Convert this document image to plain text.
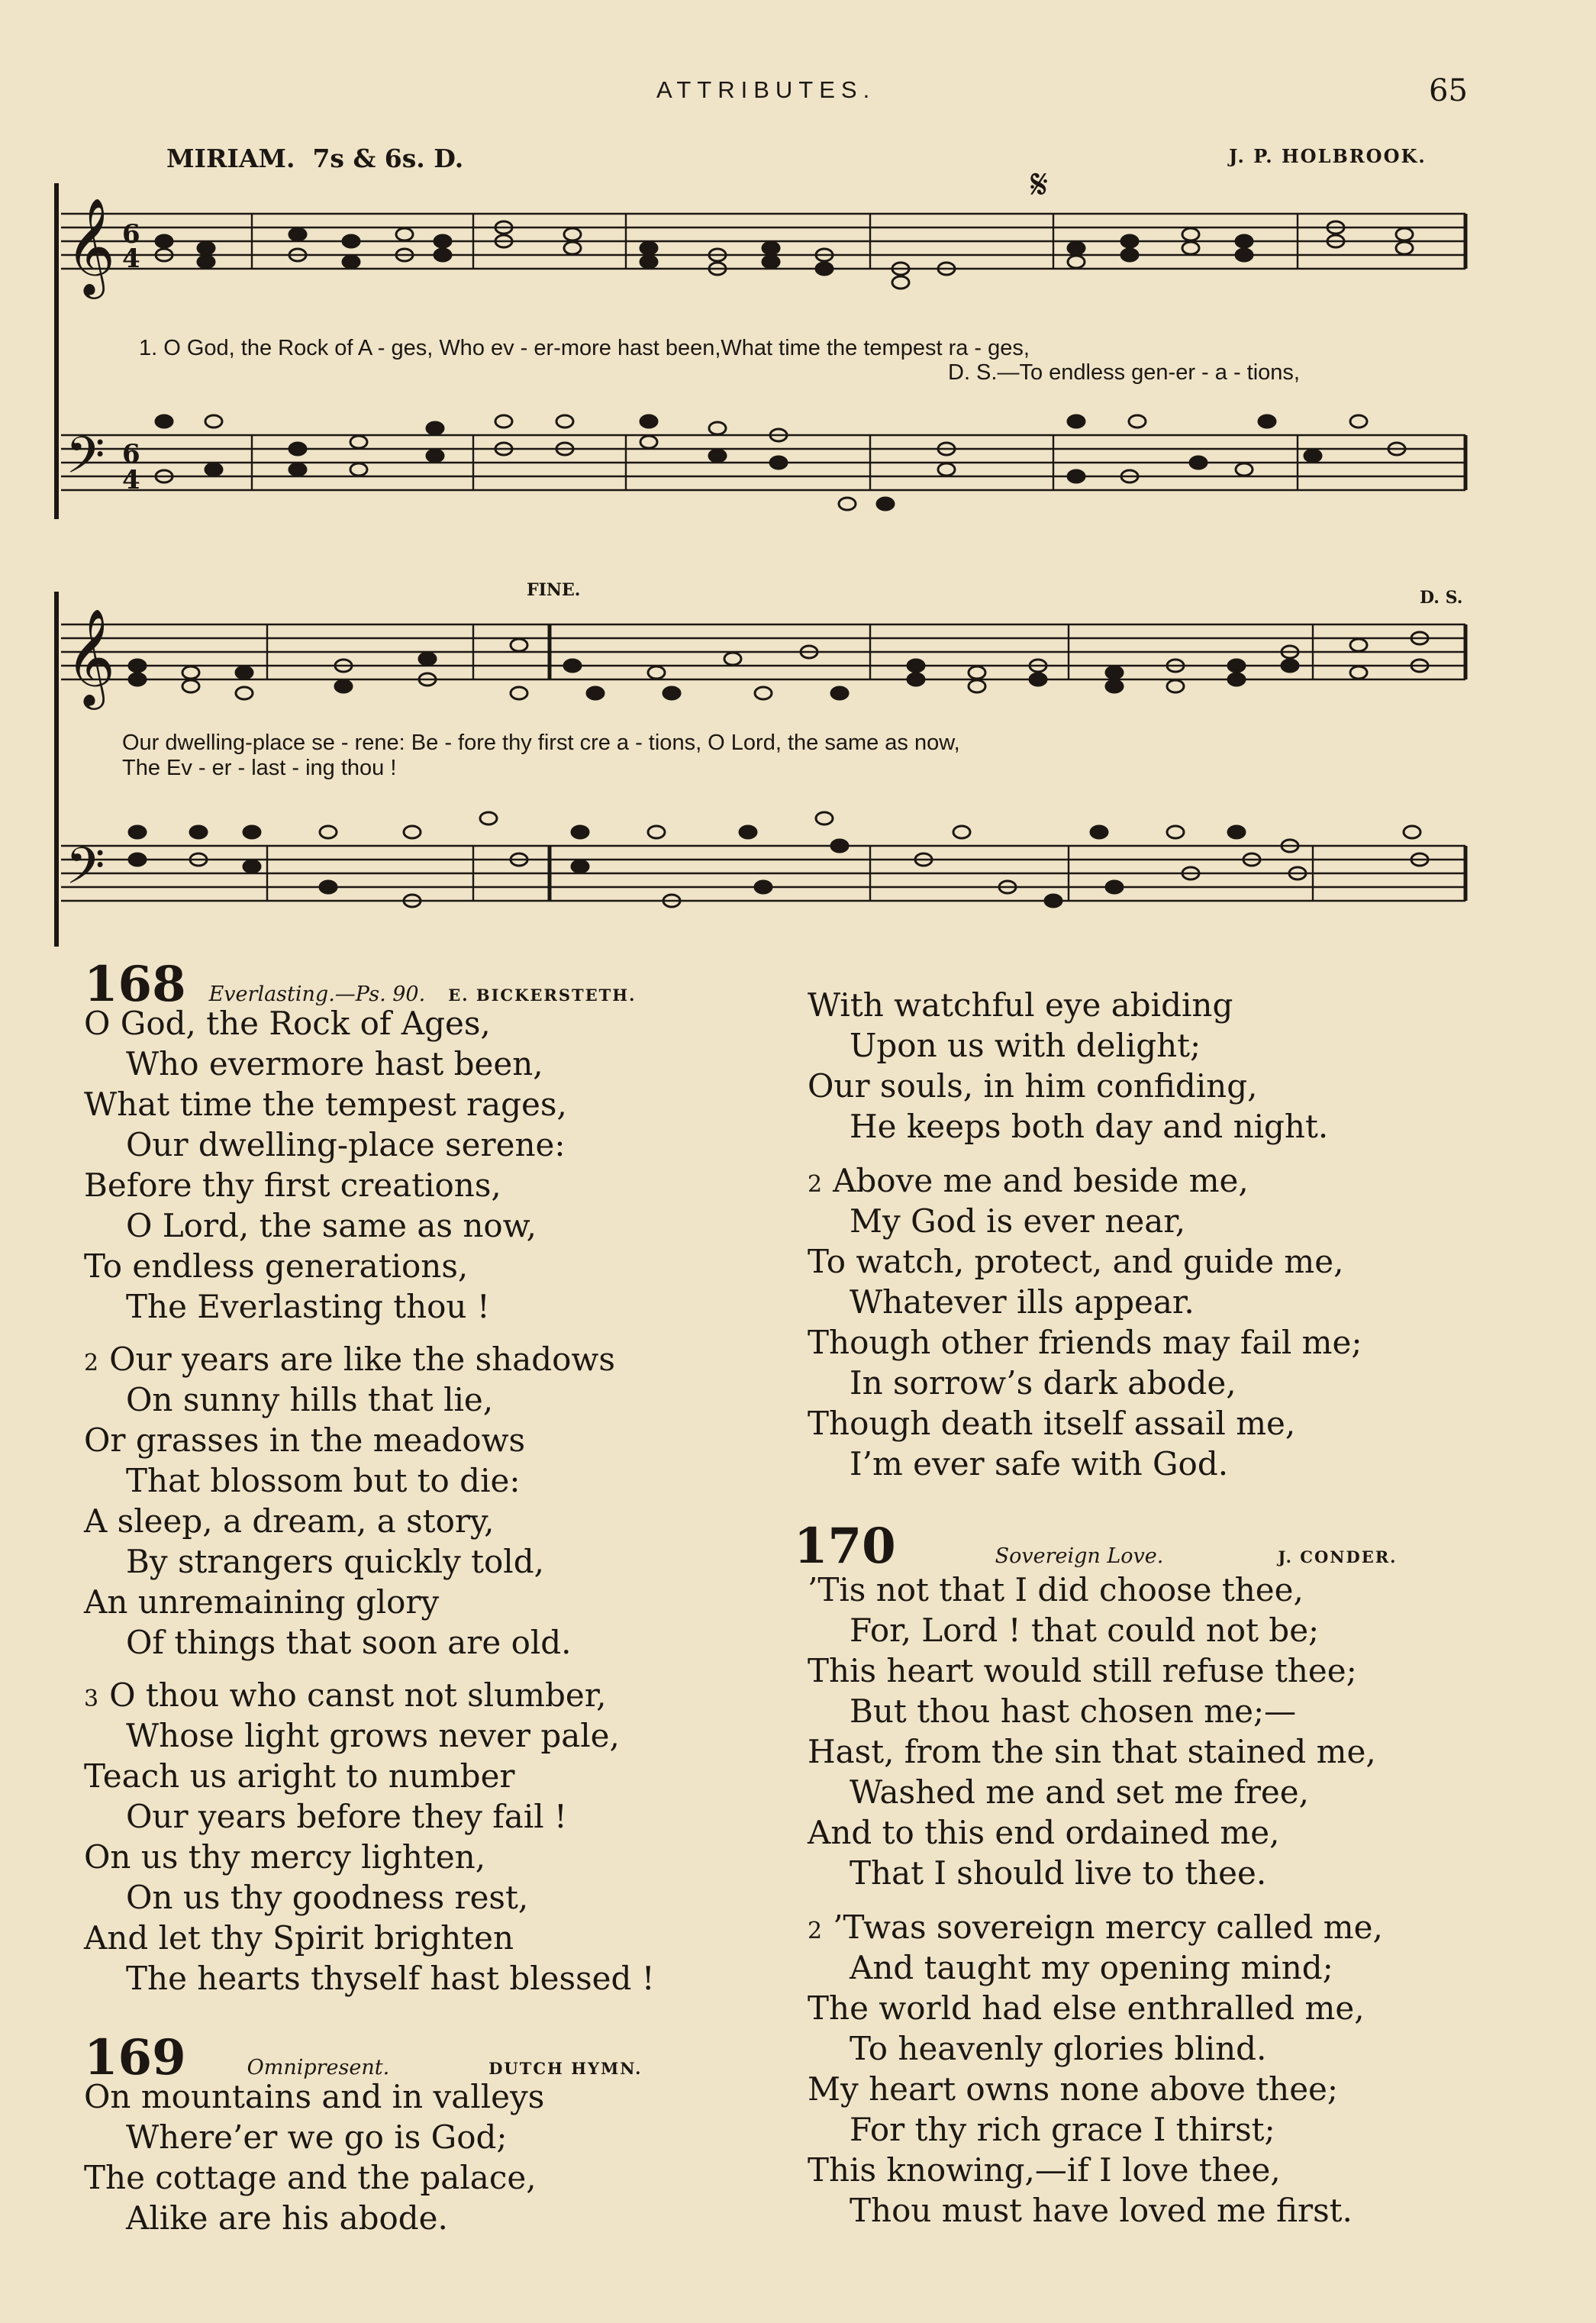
ATTRIBUTES.	65
MIRIAM. 7s & 6s. D.	J. P. HOLBROOK.
𝄞 6
4
𝄢 6
4
𝄞
𝄢
𝄋
1. O God, the Rock of A - ges, Who ev - er-more hast been,What time the tempest ra - ges,
D. S.—To endless gen-er - a - tions,
Our dwelling-place se - rene: Be - fore thy first cre a - tions, O Lord, the same as now,
The Ev - er - last - ing thou !
FINE.	D. S.
168 Everlasting.—Ps. 90. E. BICKERSTETH.
O God, the Rock of Ages,
Who evermore hast been,
What time the tempest rages,
Our dwelling-place serene:
Before thy first creations,
O Lord, the same as now,
To endless generations,
The Everlasting thou !
2 Our years are like the shadows
On sunny hills that lie,
Or grasses in the meadows
That blossom but to die:
A sleep, a dream, a story,
By strangers quickly told,
An unremaining glory
Of things that soon are old.
3 O thou who canst not slumber,
Whose light grows never pale,
Teach us aright to number
Our years before they fail !
On us thy mercy lighten,
On us thy goodness rest,
And let thy Spirit brighten
The hearts thyself hast blessed !
169	Omnipresent.	DUTCH HYMN.
On mountains and in valleys
Where’er we go is God;
The cottage and the palace,
Alike are his abode.
With watchful eye abiding
Upon us with delight;
Our souls, in him confiding,
He keeps both day and night.
2 Above me and beside me,
My God is ever near,
To watch, protect, and guide me,
Whatever ills appear.
Though other friends may fail me;
In sorrow’s dark abode,
Though death itself assail me,
I’m ever safe with God.
170	Sovereign Love.	J. CONDER.
’Tis not that I did choose thee,
For, Lord ! that could not be;
This heart would still refuse thee;
But thou hast chosen me;—
Hast, from the sin that stained me,
Washed me and set me free,
And to this end ordained me,
That I should live to thee.
2 ’Twas sovereign mercy called me,
And taught my opening mind;
The world had else enthralled me,
To heavenly glories blind.
My heart owns none above thee;
For thy rich grace I thirst;
This knowing,—if I love thee,
Thou must have loved me first.
